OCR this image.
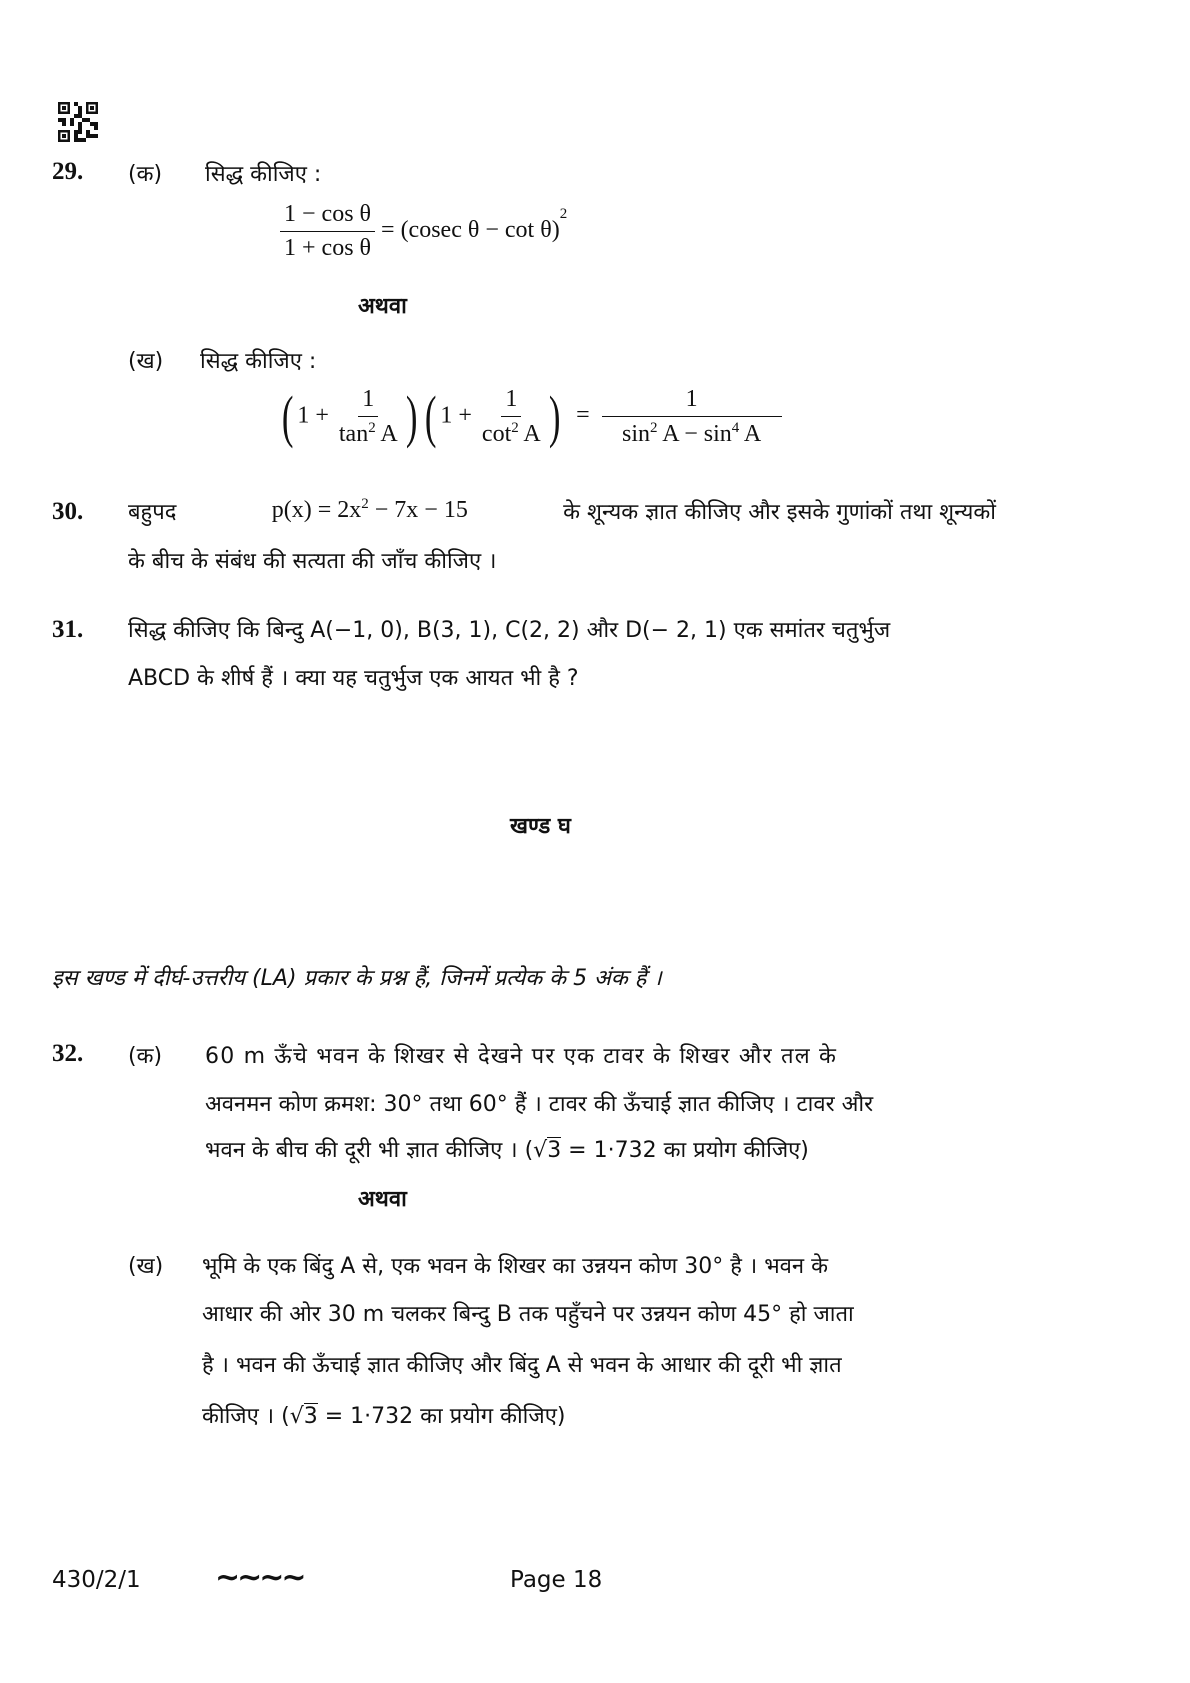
29. (क) सिद्ध कीजिए :
$\frac{\text{1 − cos θ}}{\text{1 + cos θ}} = (cosec$ θ − cot θ)$^2$
अथवा
(ख) सिद्ध कीजिए :
( $1 + \frac{1}{\tan^2 A}$ ) ( $1 + \frac{1}{\cot^2 A}$ ) = $\frac{1}{\sin^2 A - \sin^4 A}$
30. बहुपद	$p(x) = 2x^2 - 7x - 15$	के शून्यक ज्ञात कीजिए और इसके गुणांकों तथा शून्यकों
के बीच के संबंध की सत्यता की जाँच कीजिए ।
31. सिद्ध कीजिए कि बिन्दु A(−1, 0), B(3, 1), C(2, 2) और D(− 2, 1) एक समांतर चतुर्भुज
ABCD के शीर्ष हैं । क्या यह चतुर्भुज एक आयत भी है ?
खण्ड घ
इस खण्ड में दीर्घ-उत्तरीय (LA) प्रकार के प्रश्न हैं, जिनमें प्रत्येक के 5 अंक हैं ।
32. (क) 60 m ऊँचे भवन के शिखर से देखने पर एक टावर के शिखर और तल के
अवनमन कोण क्रमश: 30° तथा 60° हैं । टावर की ऊँचाई ज्ञात कीजिए । टावर और
भवन के बीच की दूरी भी ज्ञात कीजिए । (√3 = 1·732 का प्रयोग कीजिए)
अथवा
(ख) भूमि के एक बिंदु A से, एक भवन के शिखर का उन्नयन कोण 30° है । भवन के
आधार की ओर 30 m चलकर बिन्दु B तक पहुँचने पर उन्नयन कोण 45° हो जाता
है । भवन की ऊँचाई ज्ञात कीजिए और बिंदु A से भवन के आधार की दूरी भी ज्ञात
कीजिए । (√3 = 1·732 का प्रयोग कीजिए)
430/2/1 ∼∼∼∼	Page 18
